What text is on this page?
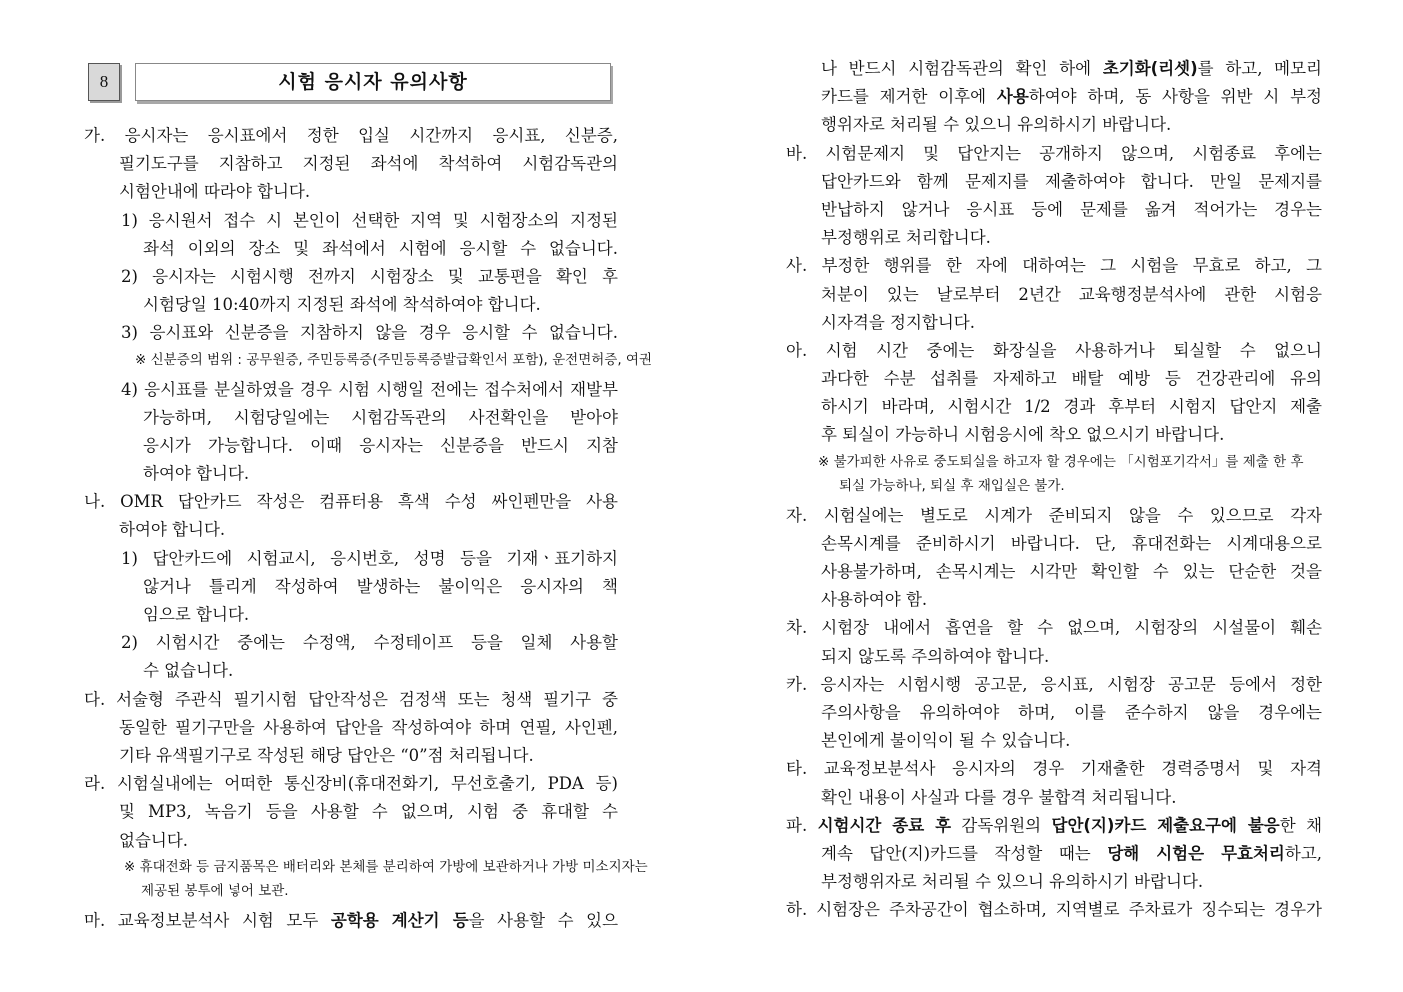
8	시험 응시자 유의사항
가. 응시자는 응시표에서 정한 입실 시간까지 응시표, 신분증,
필기도구를 지참하고 지정된 좌석에 착석하여 시험감독관의
시험안내에 따라야 합니다.
1) 응시원서 접수 시 본인이 선택한 지역 및 시험장소의 지정된
좌석 이외의 장소 및 좌석에서 시험에 응시할 수 없습니다.
2) 응시자는 시험시행 전까지 시험장소 및 교통편을 확인 후
시험당일 10:40까지 지정된 좌석에 착석하여야 합니다.
3) 응시표와 신분증을 지참하지 않을 경우 응시할 수 없습니다.
※ 신분증의 범위 : 공무원증, 주민등록증(주민등록증발급확인서 포함), 운전면허증, 여권
4) 응시표를 분실하였을 경우 시험 시행일 전에는 접수처에서 재발부
가능하며, 시험당일에는 시험감독관의 사전확인을 받아야
응시가 가능합니다. 이때 응시자는 신분증을 반드시 지참
하여야 합니다.
나. OMR 답안카드 작성은 컴퓨터용 흑색 수성 싸인펜만을 사용
하여야 합니다.
1) 답안카드에 시험교시, 응시번호, 성명 등을 기재ㆍ표기하지
않거나 틀리게 작성하여 발생하는 불이익은 응시자의 책
임으로 합니다.
2) 시험시간 중에는 수정액, 수정테이프 등을 일체 사용할
수 없습니다.
다. 서술형 주관식 필기시험 답안작성은 검정색 또는 청색 필기구 중
동일한 필기구만을 사용하여 답안을 작성하여야 하며 연필, 사인펜,
기타 유색필기구로 작성된 해당 답안은 “0”점 처리됩니다.
라. 시험실내에는 어떠한 통신장비(휴대전화기, 무선호출기, PDA 등)
및 MP3, 녹음기 등을 사용할 수 없으며, 시험 중 휴대할 수
없습니다.
※ 휴대전화 등 금지품목은 배터리와 본체를 분리하여 가방에 보관하거나 가방 미소지자는
제공된 봉투에 넣어 보관.
마. 교육정보분석사 시험 모두 공학용 계산기 등을 사용할 수 있으
나 반드시 시험감독관의 확인 하에 초기화(리셋)를 하고, 메모리
카드를 제거한 이후에 사용하여야 하며, 동 사항을 위반 시 부정
행위자로 처리될 수 있으니 유의하시기 바랍니다.
바. 시험문제지 및 답안지는 공개하지 않으며, 시험종료 후에는
답안카드와 함께 문제지를 제출하여야 합니다. 만일 문제지를
반납하지 않거나 응시표 등에 문제를 옮겨 적어가는 경우는
부정행위로 처리합니다.
사. 부정한 행위를 한 자에 대하여는 그 시험을 무효로 하고, 그
처분이 있는 날로부터 2년간 교육행정분석사에 관한 시험응
시자격을 정지합니다.
아. 시험 시간 중에는 화장실을 사용하거나 퇴실할 수 없으니
과다한 수분 섭취를 자제하고 배탈 예방 등 건강관리에 유의
하시기 바라며, 시험시간 1/2 경과 후부터 시험지 답안지 제출
후 퇴실이 가능하니 시험응시에 착오 없으시기 바랍니다.
※ 불가피한 사유로 중도퇴실을 하고자 할 경우에는 「시험포기각서」를 제출 한 후
퇴실 가능하나, 퇴실 후 재입실은 불가.
자. 시험실에는 별도로 시계가 준비되지 않을 수 있으므로 각자
손목시계를 준비하시기 바랍니다. 단, 휴대전화는 시계대용으로
사용불가하며, 손목시계는 시각만 확인할 수 있는 단순한 것을
사용하여야 함.
차. 시험장 내에서 흡연을 할 수 없으며, 시험장의 시설물이 훼손
되지 않도록 주의하여야 합니다.
카. 응시자는 시험시행 공고문, 응시표, 시험장 공고문 등에서 정한
주의사항을 유의하여야 하며, 이를 준수하지 않을 경우에는
본인에게 불이익이 될 수 있습니다.
타. 교육정보분석사 응시자의 경우 기재출한 경력증명서 및 자격
확인 내용이 사실과 다를 경우 불합격 처리됩니다.
파. 시험시간 종료 후 감독위원의 답안(지)카드 제출요구에 불응한 채
계속 답안(지)카드를 작성할 때는 당해 시험은 무효처리하고,
부정행위자로 처리될 수 있으니 유의하시기 바랍니다.
하. 시험장은 주차공간이 협소하며, 지역별로 주차료가 징수되는 경우가
